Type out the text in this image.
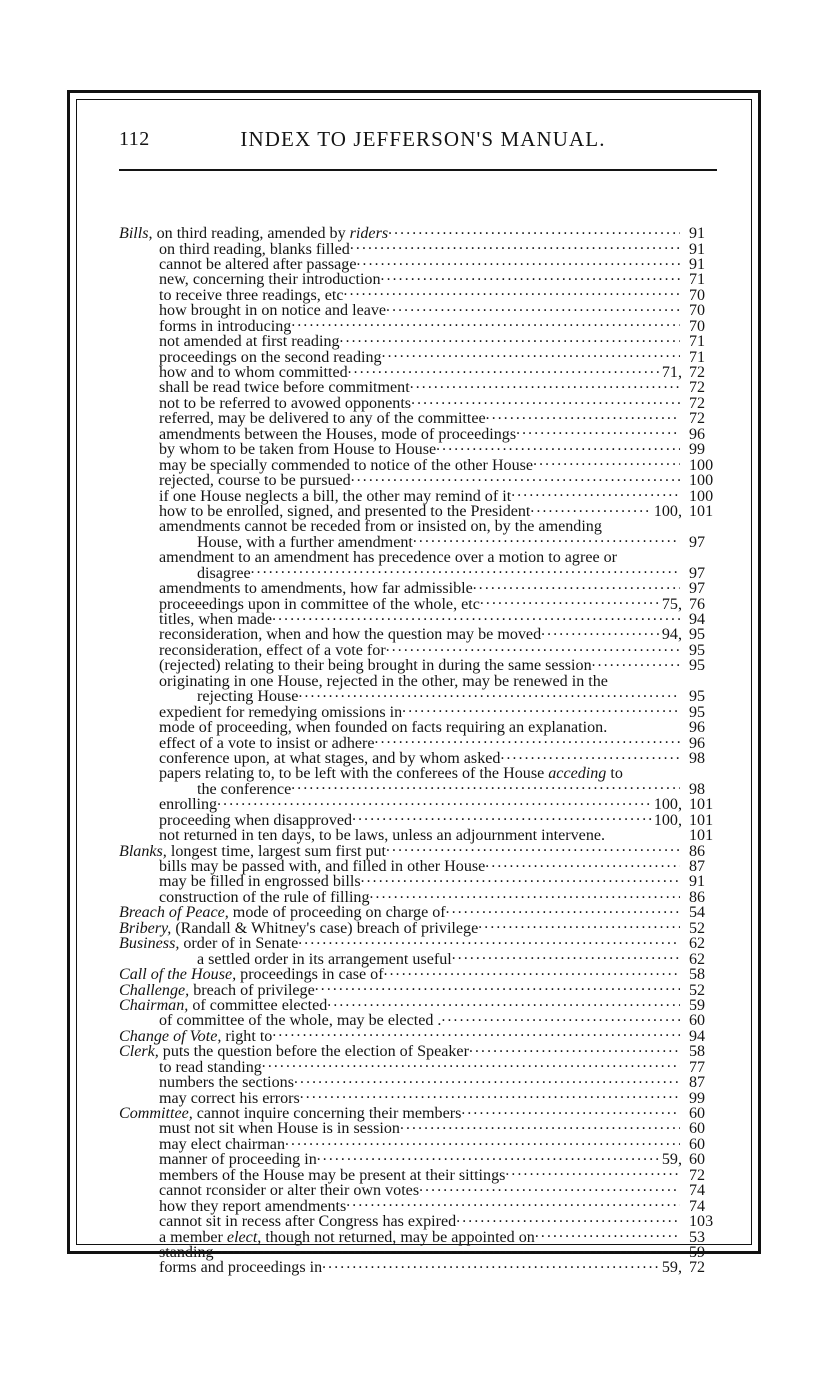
112	INDEX TO JEFFERSON'S MANUAL.
Bills, on third reading, amended by riders . . .	91
on third reading, blanks filled . . .	91
cannot be altered after passage . . .	91
new, concerning their introduction . . .	71
to receive three readings, etc . . .	70
how brought in on notice and leave . . .	70
forms in introducing . . .	70
not amended at first reading . . .	71
proceedings on the second reading . . .	71
how and to whom committed . . .	71, 72
shall be read twice before commitment . . .	72
not to be referred to avowed opponents . . .	72
referred, may be delivered to any of the committee . . .	72
amendments between the Houses, mode of proceedings . . .	96
by whom to be taken from House to House . . .	99
may be specially commended to notice of the other House . . .	100
rejected, course to be pursued . . .	100
if one House neglects a bill, the other may remind of it . . .	100
how to be enrolled, signed, and presented to the President . . .	100, 101
amendments cannot be receded from or insisted on, by the amending
House, with a further amendment . . .	97
amendment to an amendment has precedence over a motion to agree or
disagree . . .	97
amendments to amendments, how far admissible . . .	97
proceeedings upon in committee of the whole, etc . . .	75, 76
titles, when made . . .	94
reconsideration, when and how the question may be moved . . .	94, 95
reconsideration, effect of a vote for . . .	95
(rejected) relating to their being brought in during the same session . . .	95
originating in one House, rejected in the other, may be renewed in the
rejecting House . . .	95
expedient for remedying omissions in . . .	95
mode of proceeding, when founded on facts requiring an explanation.	96
effect of a vote to insist or adhere . . .	96
conference upon, at what stages, and by whom asked . . .	98
papers relating to, to be left with the conferees of the House acceding to
the conference . . .	98
enrolling . . .	100, 101
proceeding when disapproved . . .	100, 101
not returned in ten days, to be laws, unless an adjournment intervene.	101
Blanks, longest time, largest sum first put . . .	86
bills may be passed with, and filled in other House . . .	87
may be filled in engrossed bills . . .	91
construction of the rule of filling . . .	86
Breach of Peace, mode of proceeding on charge of . . .	54
Bribery, (Randall & Whitney's case) breach of privilege . . .	52
Business, order of in Senate . . .	62
a settled order in its arrangement useful . . .	62
Call of the House, proceedings in case of . . .	58
Challenge, breach of privilege . . .	52
Chairman, of committee elected . . .	59
of committee of the whole, may be elected . . . .	60
Change of Vote, right to . . .	94
Clerk, puts the question before the election of Speaker . . .	58
to read standing . . .	77
numbers the sections . . .	87
may correct his errors . . .	99
Committee, cannot inquire concerning their members . . .	60
must not sit when House is in session . . .	60
may elect chairman . . .	60
manner of proceeding in . . .	59, 60
members of the House may be present at their sittings . . .	72
cannot rconsider or alter their own votes . . .	74
how they report amendments . . .	74
cannot sit in recess after Congress has expired . . .	103
a member elect, though not returned, may be appointed on . . .	53
standing . . .	59
forms and proceedings in . . .	59, 72
